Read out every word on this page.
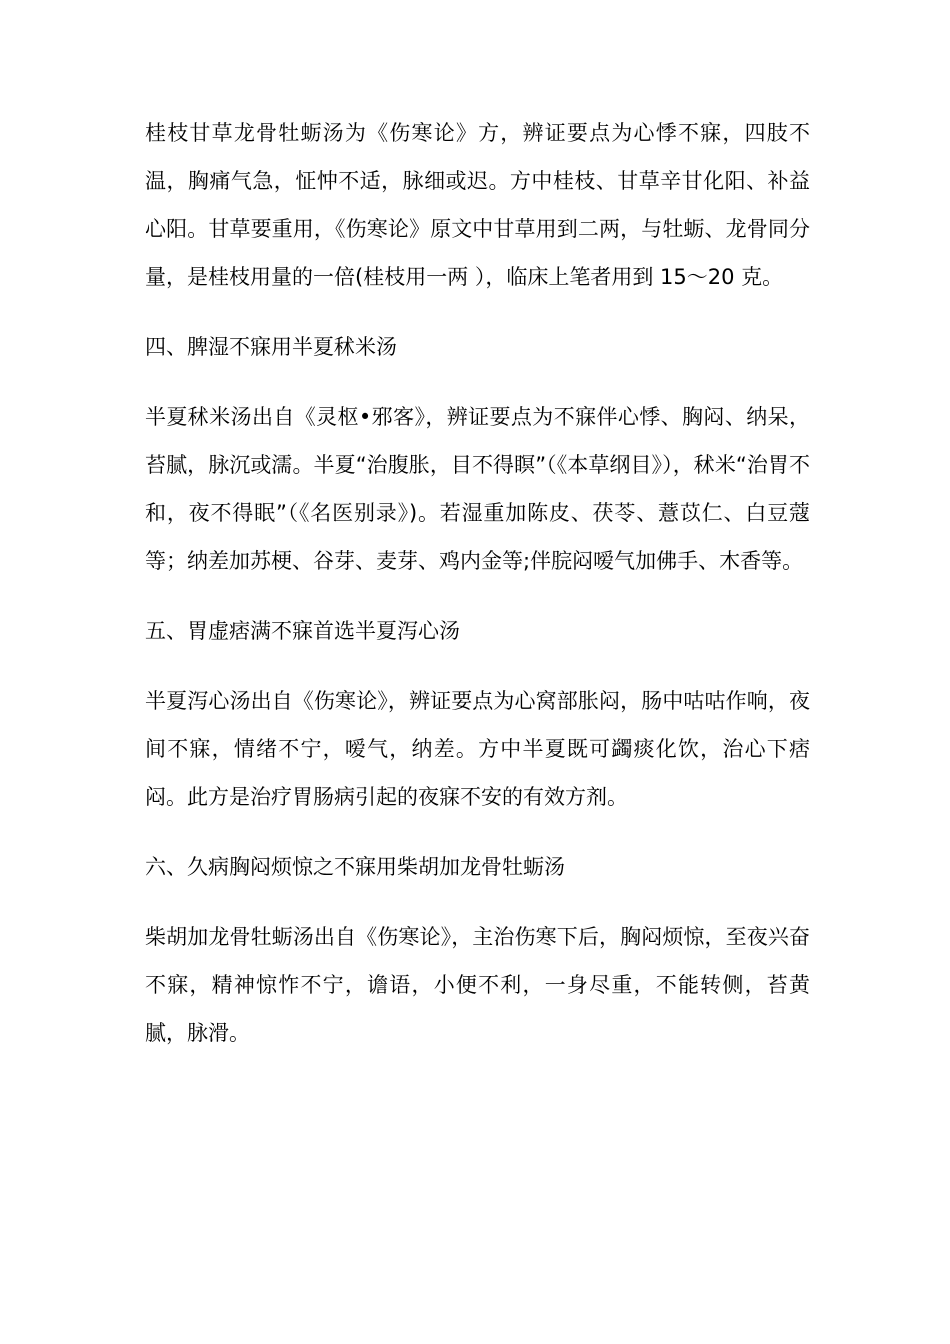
桂枝甘草龙骨牡蛎汤为《伤寒论》方，辨证要点为心悸不寐，四肢不温，胸痛气急，怔忡不适，脉细或迟。方中桂枝、甘草辛甘化阳、补益心阳。甘草要重用，《伤寒论》原文中甘草用到二两，与牡蛎、龙骨同分量，是桂枝用量的一倍(桂枝用一两 ），临床上笔者用到 15～20 克。

四、脾湿不寐用半夏秫米汤

半夏秫米汤出自《灵枢•邪客》，辨证要点为不寐伴心悸、胸闷、纳呆，苔腻，脉沉或濡。半夏“治腹胀，目不得瞑”（《本草纲目》），秫米“治胃不和，夜不得眠”（《名医别录》)。若湿重加陈皮、茯苓、薏苡仁、白豆蔻等；纳差加苏梗、谷芽、麦芽、鸡内金等;伴脘闷嗳气加佛手、木香等。

五、胃虚痞满不寐首选半夏泻心汤

半夏泻心汤出自《伤寒论》，辨证要点为心窝部胀闷，肠中咕咕作响，夜间不寐，情绪不宁，嗳气，纳差。方中半夏既可蠲痰化饮，治心下痞闷。此方是治疗胃肠病引起的夜寐不安的有效方剂。

六、久病胸闷烦惊之不寐用柴胡加龙骨牡蛎汤

柴胡加龙骨牡蛎汤出自《伤寒论》，主治伤寒下后，胸闷烦惊，至夜兴奋不寐，精神惊怍不宁，谵语，小便不利，一身尽重，不能转侧，苔黄腻，脉滑。
